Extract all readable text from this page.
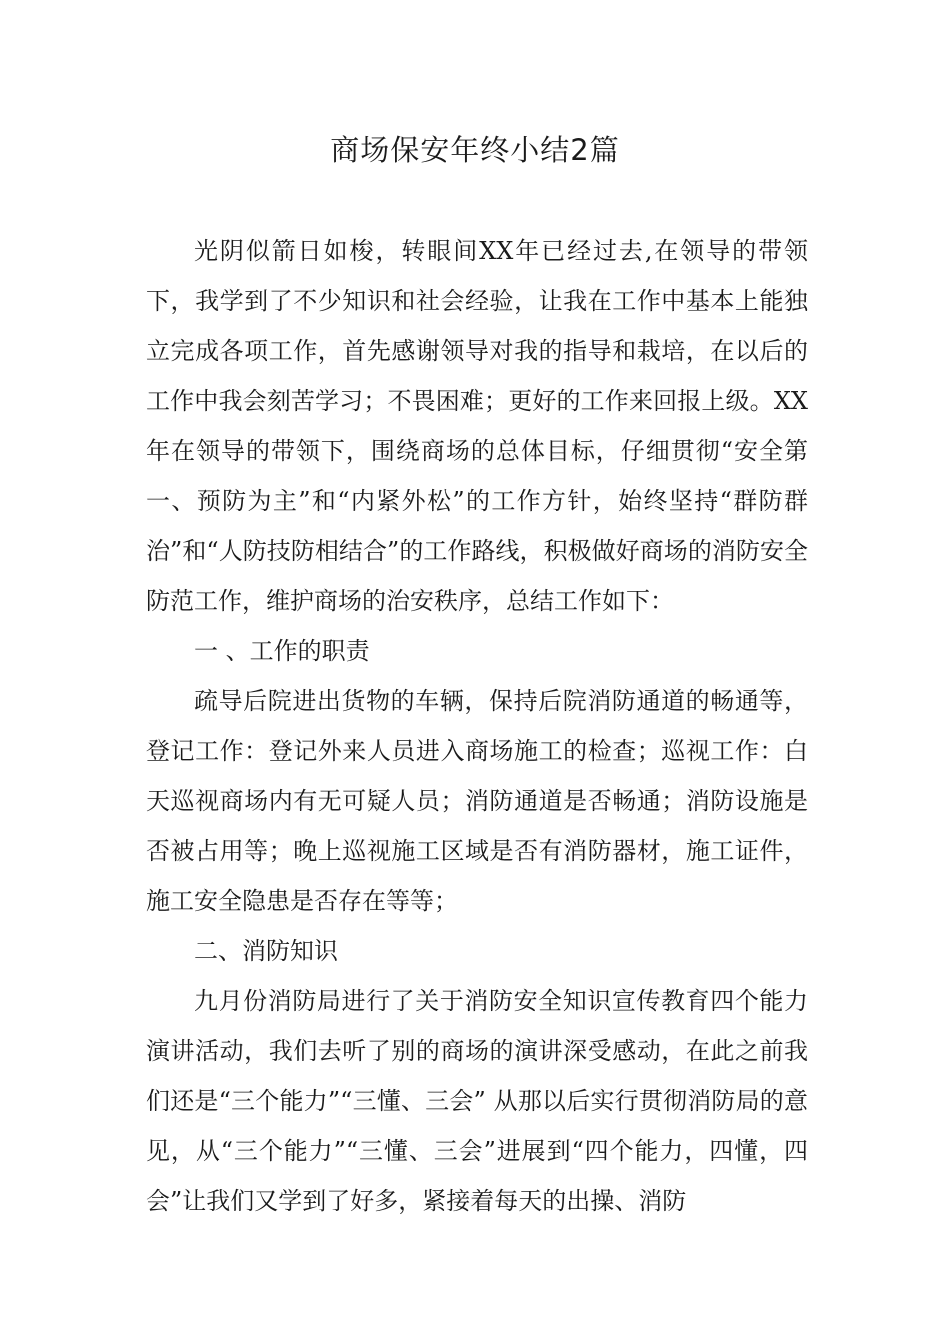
商场保安年终小结2篇

光阴似箭日如梭，转眼间XX年已经过去,在领导的带领下，我学到了不少知识和社会经验，让我在工作中基本上能独立完成各项工作，首先感谢领导对我的指导和栽培，在以后的工作中我会刻苦学习；不畏困难；更好的工作来回报上级。XX年在领导的带领下，围绕商场的总体目标，仔细贯彻“安全第一、预防为主”和“内紧外松”的工作方针，始终坚持“群防群治”和“人防技防相结合”的工作路线，积极做好商场的消防安全防范工作，维护商场的治安秩序，总结工作如下：

一 、工作的职责

疏导后院进出货物的车辆，保持后院消防通道的畅通等，登记工作：登记外来人员进入商场施工的检查；巡视工作：白天巡视商场内有无可疑人员；消防通道是否畅通；消防设施是否被占用等；晚上巡视施工区域是否有消防器材，施工证件，施工安全隐患是否存在等等；

二、消防知识

九月份消防局进行了关于消防安全知识宣传教育四个能力演讲活动，我们去听了别的商场的演讲深受感动，在此之前我们还是“三个能力”“三懂、三会” 从那以后实行贯彻消防局的意见，从“三个能力”“三懂、三会”进展到“四个能力，四懂，四会”让我们又学到了好多，紧接着每天的出操、消防
